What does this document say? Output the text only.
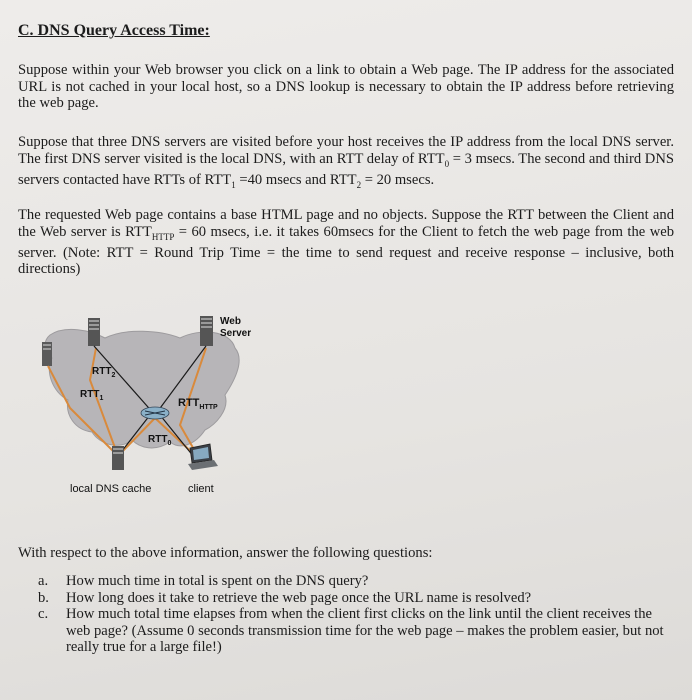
C. DNS Query Access Time:
Suppose within your Web browser you click on a link to obtain a Web page. The IP address for the associated URL is not cached in your local host, so a DNS lookup is necessary to obtain the IP address before retrieving the web page.
Suppose that three DNS servers are visited before your host receives the IP address from the local DNS server. The first DNS server visited is the local DNS, with an RTT delay of $RTT_0 = 3$ msecs. The second and third DNS servers contacted have RTTs of $RTT_1 =40$ msecs and $RTT_2 = 20$ msecs.
The requested Web page contains a base HTML page and no objects. Suppose the RTT between the Client and the Web server is $RTT_{HTTP} = 60$ msecs, i.e. it takes 60msecs for the Client to fetch the web page from the web server. (Note: RTT = Round Trip Time = the time to send request and receive response – inclusive, both directions)
Web
Server
$RTT_2$
$RTT_1$	$RTT_{HTTP}$
$RTT_0$
local DNS cache	client
With respect to the above information, answer the following questions:
a.	How much time in total is spent on the DNS query?
b.	How long does it take to retrieve the web page once the URL name is resolved?
c.	How much total time elapses from when the client first clicks on the link until the client receives the web page? (Assume 0 seconds transmission time for the web page – makes the problem easier, but not really true for a large file!)
